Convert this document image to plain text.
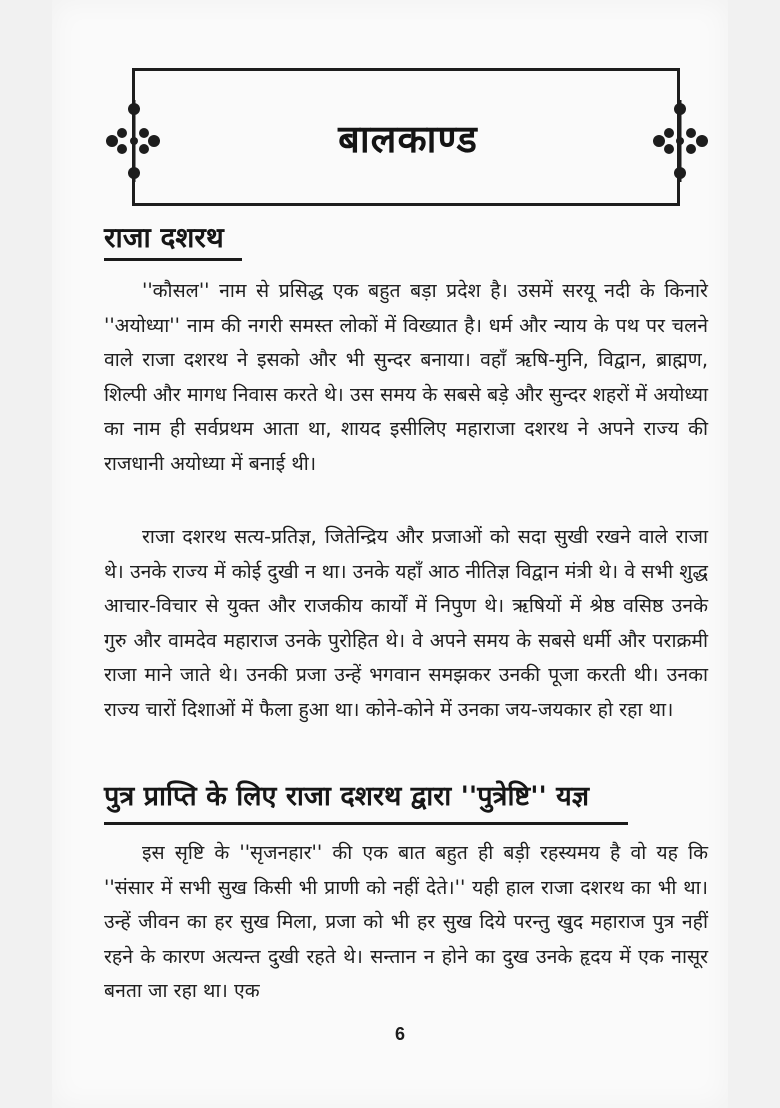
बालकाण्ड
राजा दशरथ

''कौसल'' नाम से प्रसिद्ध एक बहुत बड़ा प्रदेश है। उसमें सरयू नदी के किनारे ''अयोध्या'' नाम की नगरी समस्त लोकों में विख्यात है। धर्म और न्याय के पथ पर चलने वाले राजा दशरथ ने इसको और भी सुन्दर बनाया। वहाँ ऋषि-मुनि, विद्वान, ब्राह्मण, शिल्पी और मागध निवास करते थे। उस समय के सबसे बड़े और सुन्दर शहरों में अयोध्या का नाम ही सर्वप्रथम आता था, शायद इसीलिए महाराजा दशरथ ने अपने राज्य की राजधानी अयोध्या में बनाई थी।

राजा दशरथ सत्य-प्रतिज्ञ, जितेन्द्रिय और प्रजाओं को सदा सुखी रखने वाले राजा थे। उनके राज्य में कोई दुखी न था। उनके यहाँ आठ नीतिज्ञ विद्वान मंत्री थे। वे सभी शुद्ध आचार-विचार से युक्त और राजकीय कार्यों में निपुण थे। ऋषियों में श्रेष्ठ वसिष्ठ उनके गुरु और वामदेव महाराज उनके पुरोहित थे। वे अपने समय के सबसे धर्मी और पराक्रमी राजा माने जाते थे। उनकी प्रजा उन्हें भगवान समझकर उनकी पूजा करती थी। उनका राज्य चारों दिशाओं में फैला हुआ था। कोने-कोने में उनका जय-जयकार हो रहा था।

पुत्र प्राप्ति के लिए राजा दशरथ द्वारा ''पुत्रेष्टि'' यज्ञ

इस सृष्टि के ''सृजनहार'' की एक बात बहुत ही बड़ी रहस्यमय है वो यह कि ''संसार में सभी सुख किसी भी प्राणी को नहीं देते।'' यही हाल राजा दशरथ का भी था। उन्हें जीवन का हर सुख मिला, प्रजा को भी हर सुख दिये परन्तु खुद महाराज पुत्र नहीं रहने के कारण अत्यन्त दुखी रहते थे। सन्तान न होने का दुख उनके हृदय में एक नासूर बनता जा रहा था। एक

6
